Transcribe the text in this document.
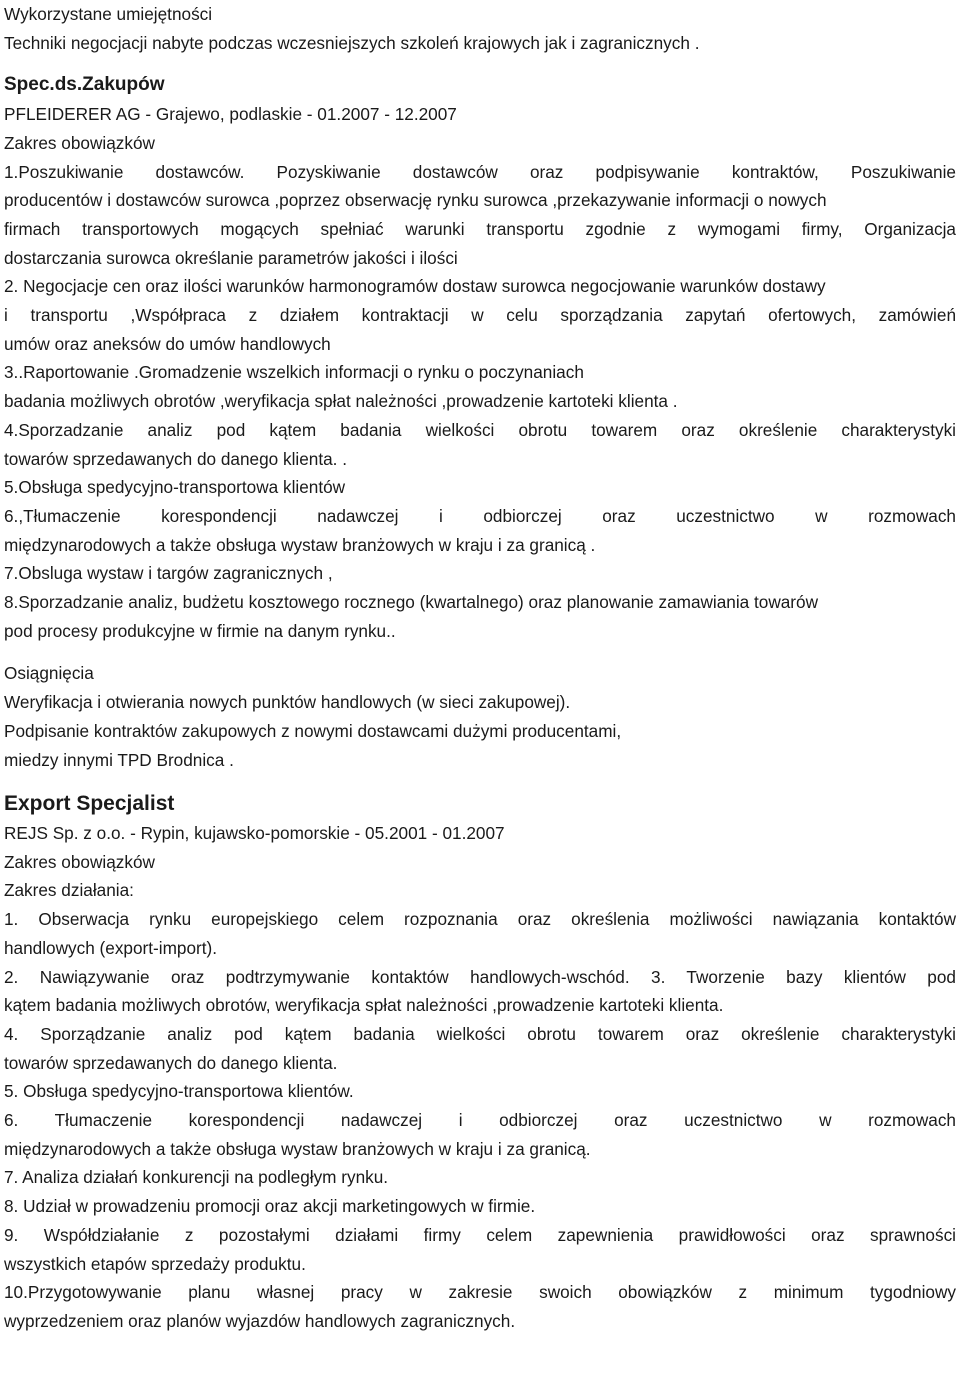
Wykorzystane umiejętności
Techniki negocjacji nabyte podczas wczesniejszych szkoleń krajowych jak i zagranicznych .
Spec.ds.Zakupów
PFLEIDERER AG - Grajewo, podlaskie - 01.2007 - 12.2007
Zakres obowiązków
1.Poszukiwanie dostawców. Pozyskiwanie dostawców oraz podpisywanie kontraktów, Poszukiwanie
producentów i dostawców surowca ,poprzez obserwację rynku surowca ,przekazywanie informacji o nowych
firmach transportowych mogących spełniać warunki transportu zgodnie z wymogami firmy, Organizacja
dostarczania surowca określanie parametrów jakości i ilości
2. Negocjacje cen oraz ilości warunków harmonogramów dostaw surowca negocjowanie warunków dostawy
i transportu ,Współpraca z działem kontraktacji w celu sporządzania zapytań ofertowych, zamówień
umów oraz aneksów do umów handlowych
3..Raportowanie .Gromadzenie wszelkich informacji o rynku o poczynaniach
badania możliwych obrotów ,weryfikacja spłat należności ,prowadzenie kartoteki klienta .
4.Sporzadzanie analiz pod kątem badania wielkości obrotu towarem oraz określenie charakterystyki
towarów sprzedawanych do danego klienta. .
5.Obsługa spedycyjno-transportowa klientów
6.,Tłumaczenie korespondencji nadawczej i odbiorczej oraz uczestnictwo w rozmowach
międzynarodowych a także obsługa wystaw branżowych w kraju i za granicą .
7.Obsluga wystaw i targów zagranicznych ,
8.Sporzadzanie analiz, budżetu kosztowego rocznego (kwartalnego) oraz planowanie zamawiania towarów
pod procesy produkcyjne w firmie na danym rynku..
Osiągnięcia
Weryfikacja i otwierania nowych punktów handlowych (w sieci zakupowej).
Podpisanie kontraktów zakupowych z nowymi dostawcami dużymi producentami,
miedzy innymi TPD Brodnica .
Export Specjalist
REJS Sp. z o.o. - Rypin, kujawsko-pomorskie - 05.2001 - 01.2007
Zakres obowiązków
Zakres działania:
1. Obserwacja rynku europejskiego celem rozpoznania oraz określenia możliwości nawiązania kontaktów
handlowych (export-import).
2. Nawiązywanie oraz podtrzymywanie kontaktów handlowych-wschód. 3. Tworzenie bazy klientów pod
kątem badania możliwych obrotów, weryfikacja spłat należności ,prowadzenie kartoteki klienta.
4. Sporządzanie analiz pod kątem badania wielkości obrotu towarem oraz określenie charakterystyki
towarów sprzedawanych do danego klienta.
5. Obsługa spedycyjno-transportowa klientów.
6. Tłumaczenie korespondencji nadawczej i odbiorczej oraz uczestnictwo w rozmowach
międzynarodowych a także obsługa wystaw branżowych w kraju i za granicą.
7. Analiza działań konkurencji na podległym rynku.
8. Udział w prowadzeniu promocji oraz akcji marketingowych w firmie.
9. Współdziałanie z pozostałymi działami firmy celem zapewnienia prawidłowości oraz sprawności
wszystkich etapów sprzedaży produktu.
10.Przygotowywanie planu własnej pracy w zakresie swoich obowiązków z minimum tygodniowy
wyprzedzeniem oraz planów wyjazdów handlowych zagranicznych.
